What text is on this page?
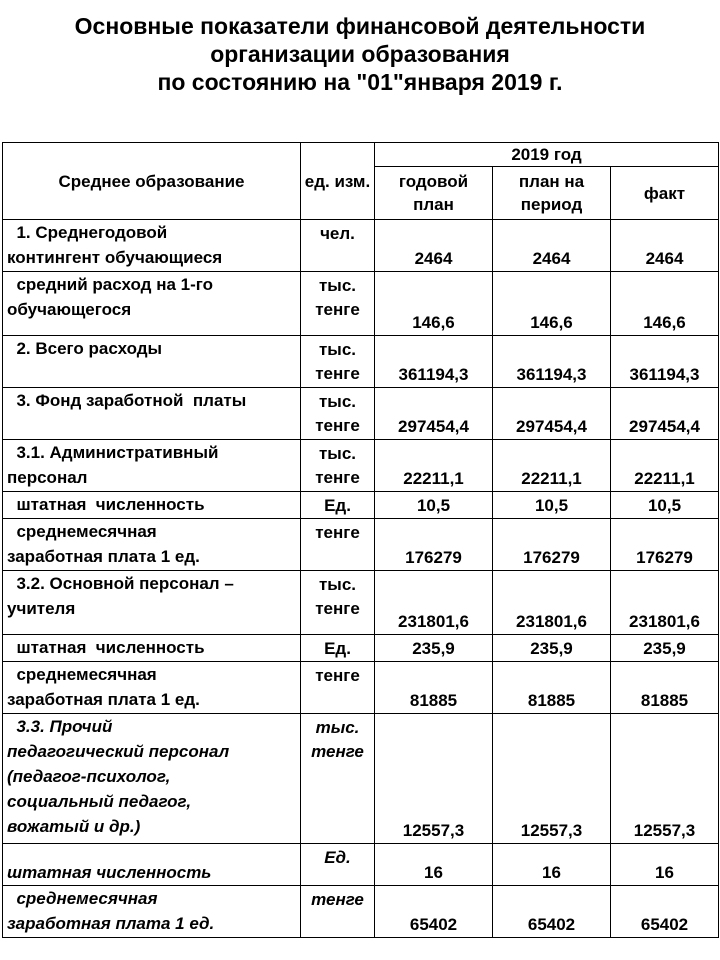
Основные показатели финансовой деятельности
организации образования
по состоянию на "01"января 2019 г.
Среднее образование	ед. изм.	2019 год		
		годовой план	план на период	факт
1. Среднегодовой
контингент обучающиеся	чел.	2464	2464	2464
средний расход на 1-го
обучающегося	тыс. тенге	146,6	146,6	146,6
2. Всего расходы	тыс. тенге	361194,3	361194,3	361194,3
3. Фонд заработной  платы	тыс. тенге	297454,4	297454,4	297454,4
3.1. Административный
персонал	тыс. тенге	22211,1	22211,1	22211,1
штатная  численность	Ед.	10,5	10,5	10,5
среднемесячная
заработная плата 1 ед.	тенге	176279	176279	176279
3.2. Основной персонал –
учителя	тыс. тенге	231801,6	231801,6	231801,6
штатная  численность	Ед.	235,9	235,9	235,9
среднемесячная
заработная плата 1 ед.	тенге	81885	81885	81885
3.3. Прочий
педагогический персонал
(педагог-психолог,
социальный педагог,
вожатый и др.)	тыс. тенге	12557,3	12557,3	12557,3
штатная численность	Ед.	16	16	16
среднемесячная
заработная плата 1 ед.	тенге	65402	65402	65402
